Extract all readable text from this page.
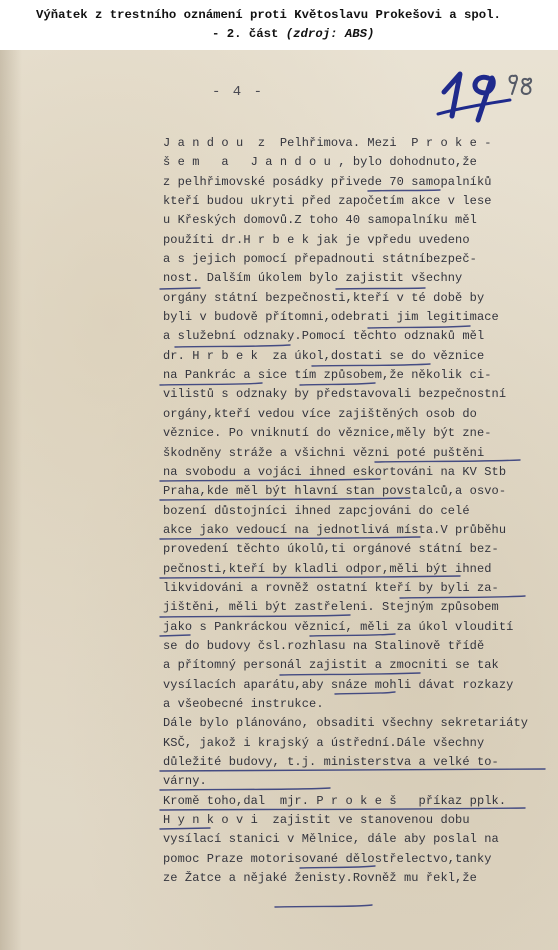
Výňatek z trestního oznámení proti Květoslavu Prokešovi a spol.
- 2. část (zdroj: ABS)
- 4 -
J a n d o u  z  Pelhřimova. Mezi  P r o k e -
š e m   a   J a n d o u , bylo dohodnuto,že
z pelhřimovské posádky přivede 70 samopalníků
kteří budou ukryti před započetím akce v lese
u Křeských domovů.Z toho 40 samopalníku měl
použíti dr.H r b e k jak je vpředu uvedeno
a s jejich pomocí přepadnouti státníbezpeč-
nost. Dalším úkolem bylo zajistit všechny
orgány státní bezpečnosti,kteří v té době by
byli v budově přítomni,odebrati jim legitimace
a služební odznaky.Pomocí těchto odznaků měl
dr. H r b e k  za úkol,dostati se do věznice
na Pankrác a sice tím způsobem,že několik ci-
vilistů s odznaky by představovali bezpečnostní
orgány,kteří vedou více zajištěných osob do
věznice. Po vniknutí do věznice,měly být zne-
škodněny stráže a všichni vězni poté puštěni
na svobodu a vojáci ihned eskortováni na KV Stb
Praha,kde měl být hlavní stan povstalců,a osvo-
bození důstojníci ihned zapcjováni do celé
akce jako vedoucí na jednotlivá místa.V průběhu
provedení těchto úkolů,ti orgánové státní bez-
pečnosti,kteří by kladli odpor,měli být ihned
likvidováni a rovněž ostatní kteří by byli za-
jištěni, měli být zastřeleni. Stejným způsobem
jako s Pankráckou věznicí, měli za úkol vloudití
se do budovy čsl.rozhlasu na Stalinově třídě
a přítomný personál zajistit a zmocniti se tak
vysílacích aparátu,aby snáze mohli dávat rozkazy
a všeobecné instrukce.
Dále bylo plánováno, obsaditi všechny sekretariáty
KSČ, jakož i krajský a ústřední.Dále všechny
důležité budovy, t.j. ministerstva a velké to-
várny.
Kromě toho,dal  mjr. P r o k e š   příkaz pplk.
H y n k o v i  zajistit ve stanovenou dobu
vysílací stanici v Mělnice, dále aby poslal na
pomoc Praze motorisované dělostřelectvo,tanky
ze Žatce a nějaké ženisty.Rovněž mu řekl,že
